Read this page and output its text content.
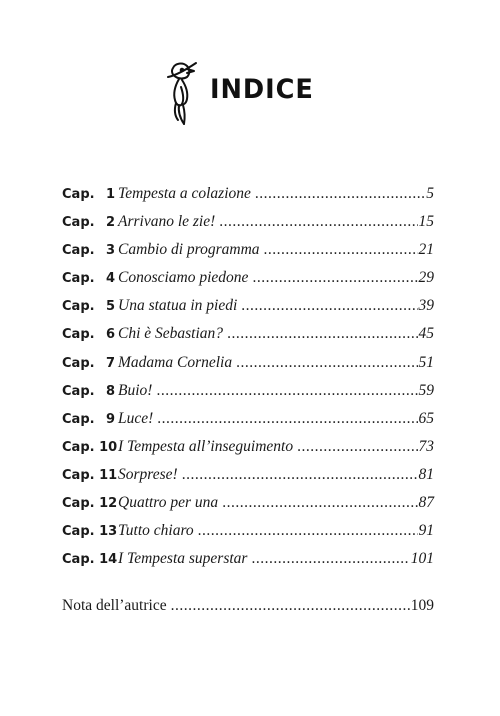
INDICE
Cap. 1 Tempesta a colazione .....	5
Cap. 2 Arrivano le zie! .....	15
Cap. 3 Cambio di programma .....	21
Cap. 4 Conosciamo piedone .....	29
Cap. 5 Una statua in piedi .....	39
Cap. 6 Chi è Sebastian? .....	45
Cap. 7 Madama Cornelia .....	51
Cap. 8 Buio! .....	59
Cap. 9 Luce! .....	65
Cap. 10 I Tempesta all’inseguimento .....	73
Cap. 11 Sorprese! .....	81
Cap. 12 Quattro per una .....	87
Cap. 13 Tutto chiaro .....	91
Cap. 14 I Tempesta superstar .....	101
Nota dell’autrice .....	109
